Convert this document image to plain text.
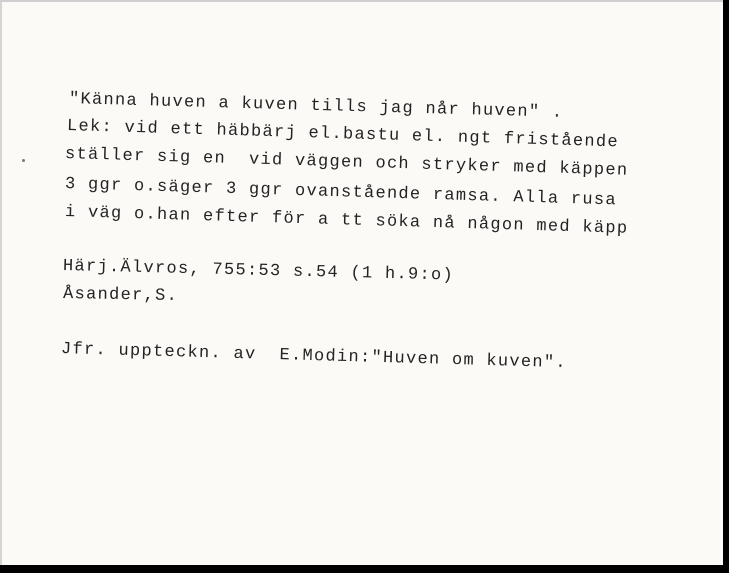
"Känna huven a kuven tills jag når huven" .
Lek: vid ett häbbärj el.bastu el. ngt fristående
ställer sig en  vid väggen och stryker med käppen
3 ggr o.säger 3 ggr ovanstående ramsa. Alla rusa
i väg o.han efter för a tt söka nå någon med käpp
Härj.Älvros, 755:53 s.54 (1 h.9:o)
Åsander,S.
Jfr. uppteckn. av  E.Modin:"Huven om kuven".
